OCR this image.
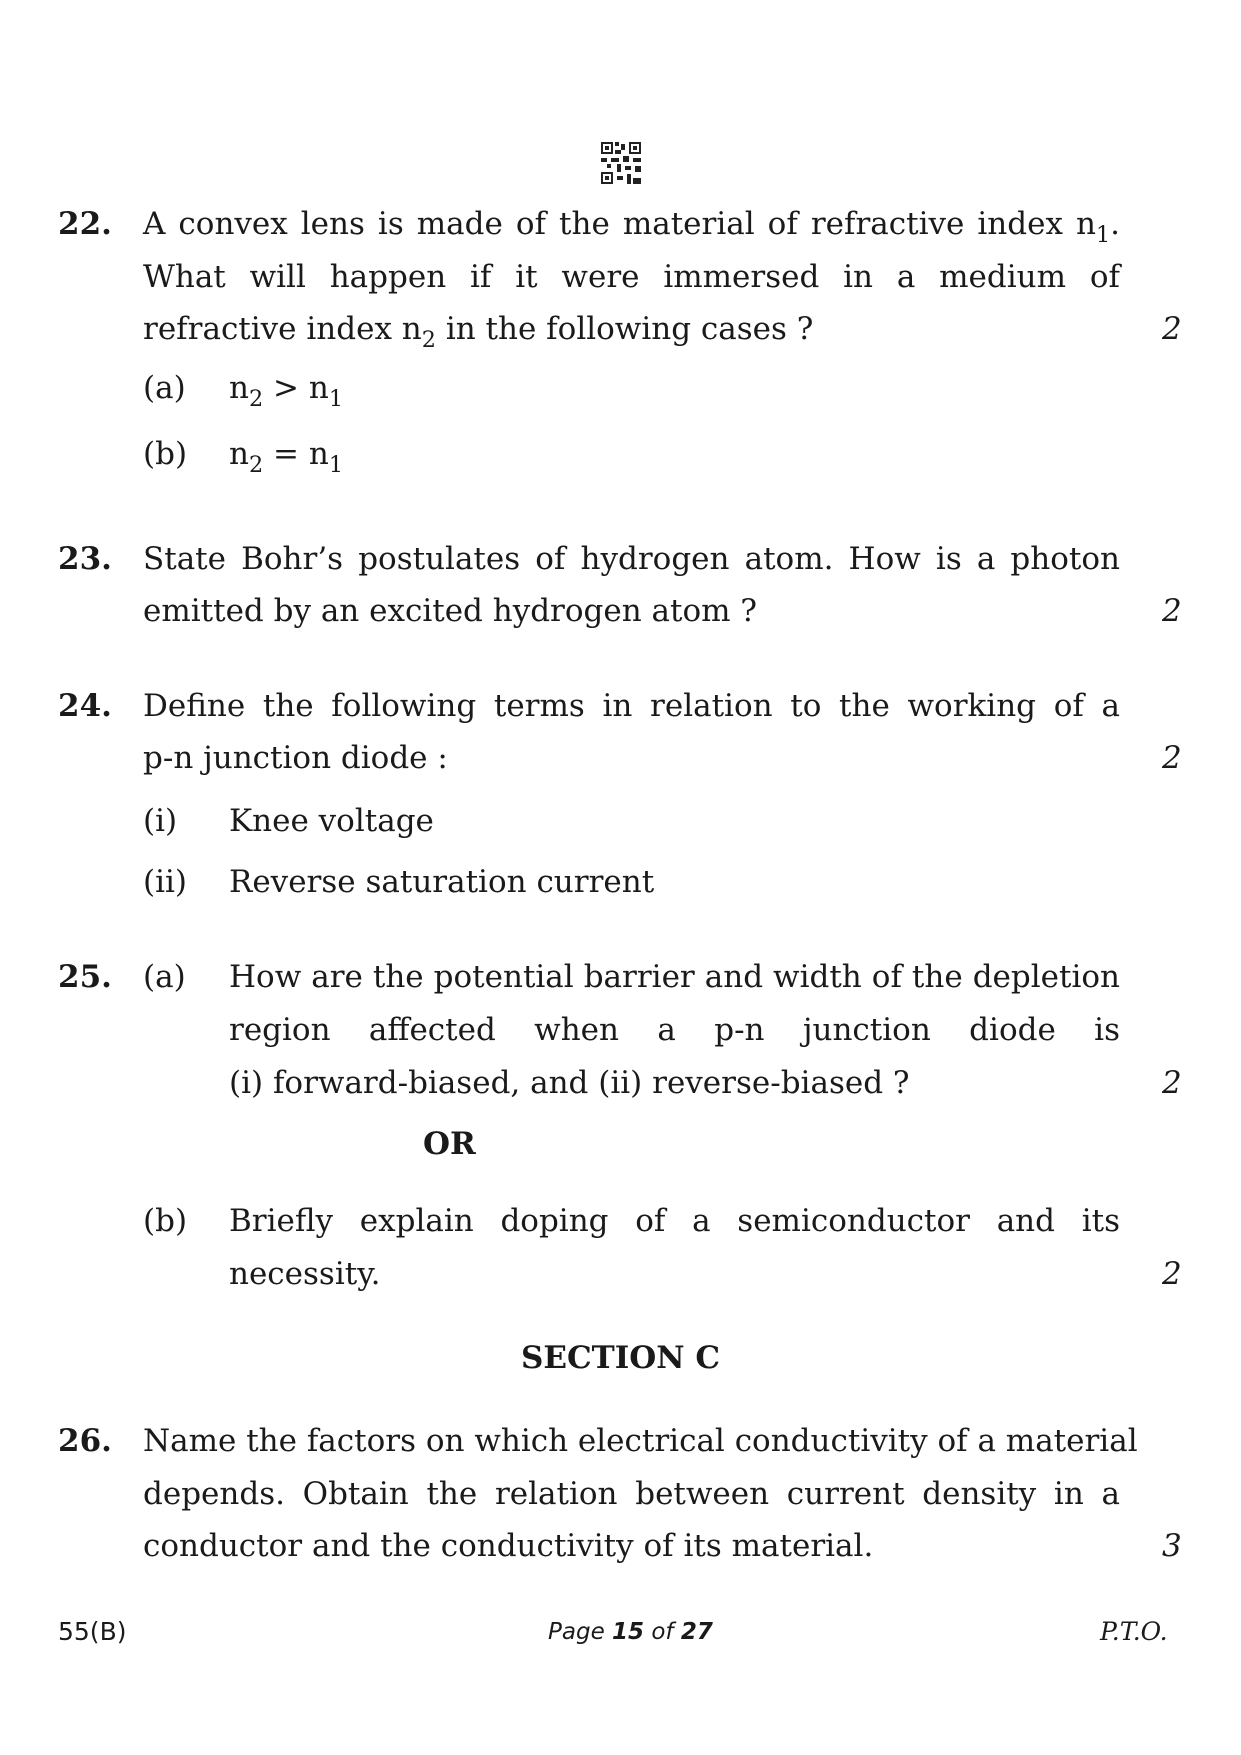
22. A convex lens is made of the material of refractive index $n_1$.
What will happen if it were immersed in a medium of
refractive index $n_2$ in the following cases ?	2
(a) $n_2 > n_1$
(b) $n_2 = n_1$
23. State Bohr’s postulates of hydrogen atom. How is a photon
emitted by an excited hydrogen atom ?	2
24. Define the following terms in relation to the working of a
p-n junction diode :	2
(i) Knee voltage
(ii) Reverse saturation current
25. (a) How are the potential barrier and width of the depletion
region affected when a p-n junction diode is
(i) forward-biased, and (ii) reverse-biased ?	2
OR
(b) Briefly explain doping of a semiconductor and its
necessity.	2
SECTION C
26. Name the factors on which electrical conductivity of a material
depends. Obtain the relation between current density in a
conductor and the conductivity of its material.	3
55(B)	Page 15 of 27	P.T.O.
